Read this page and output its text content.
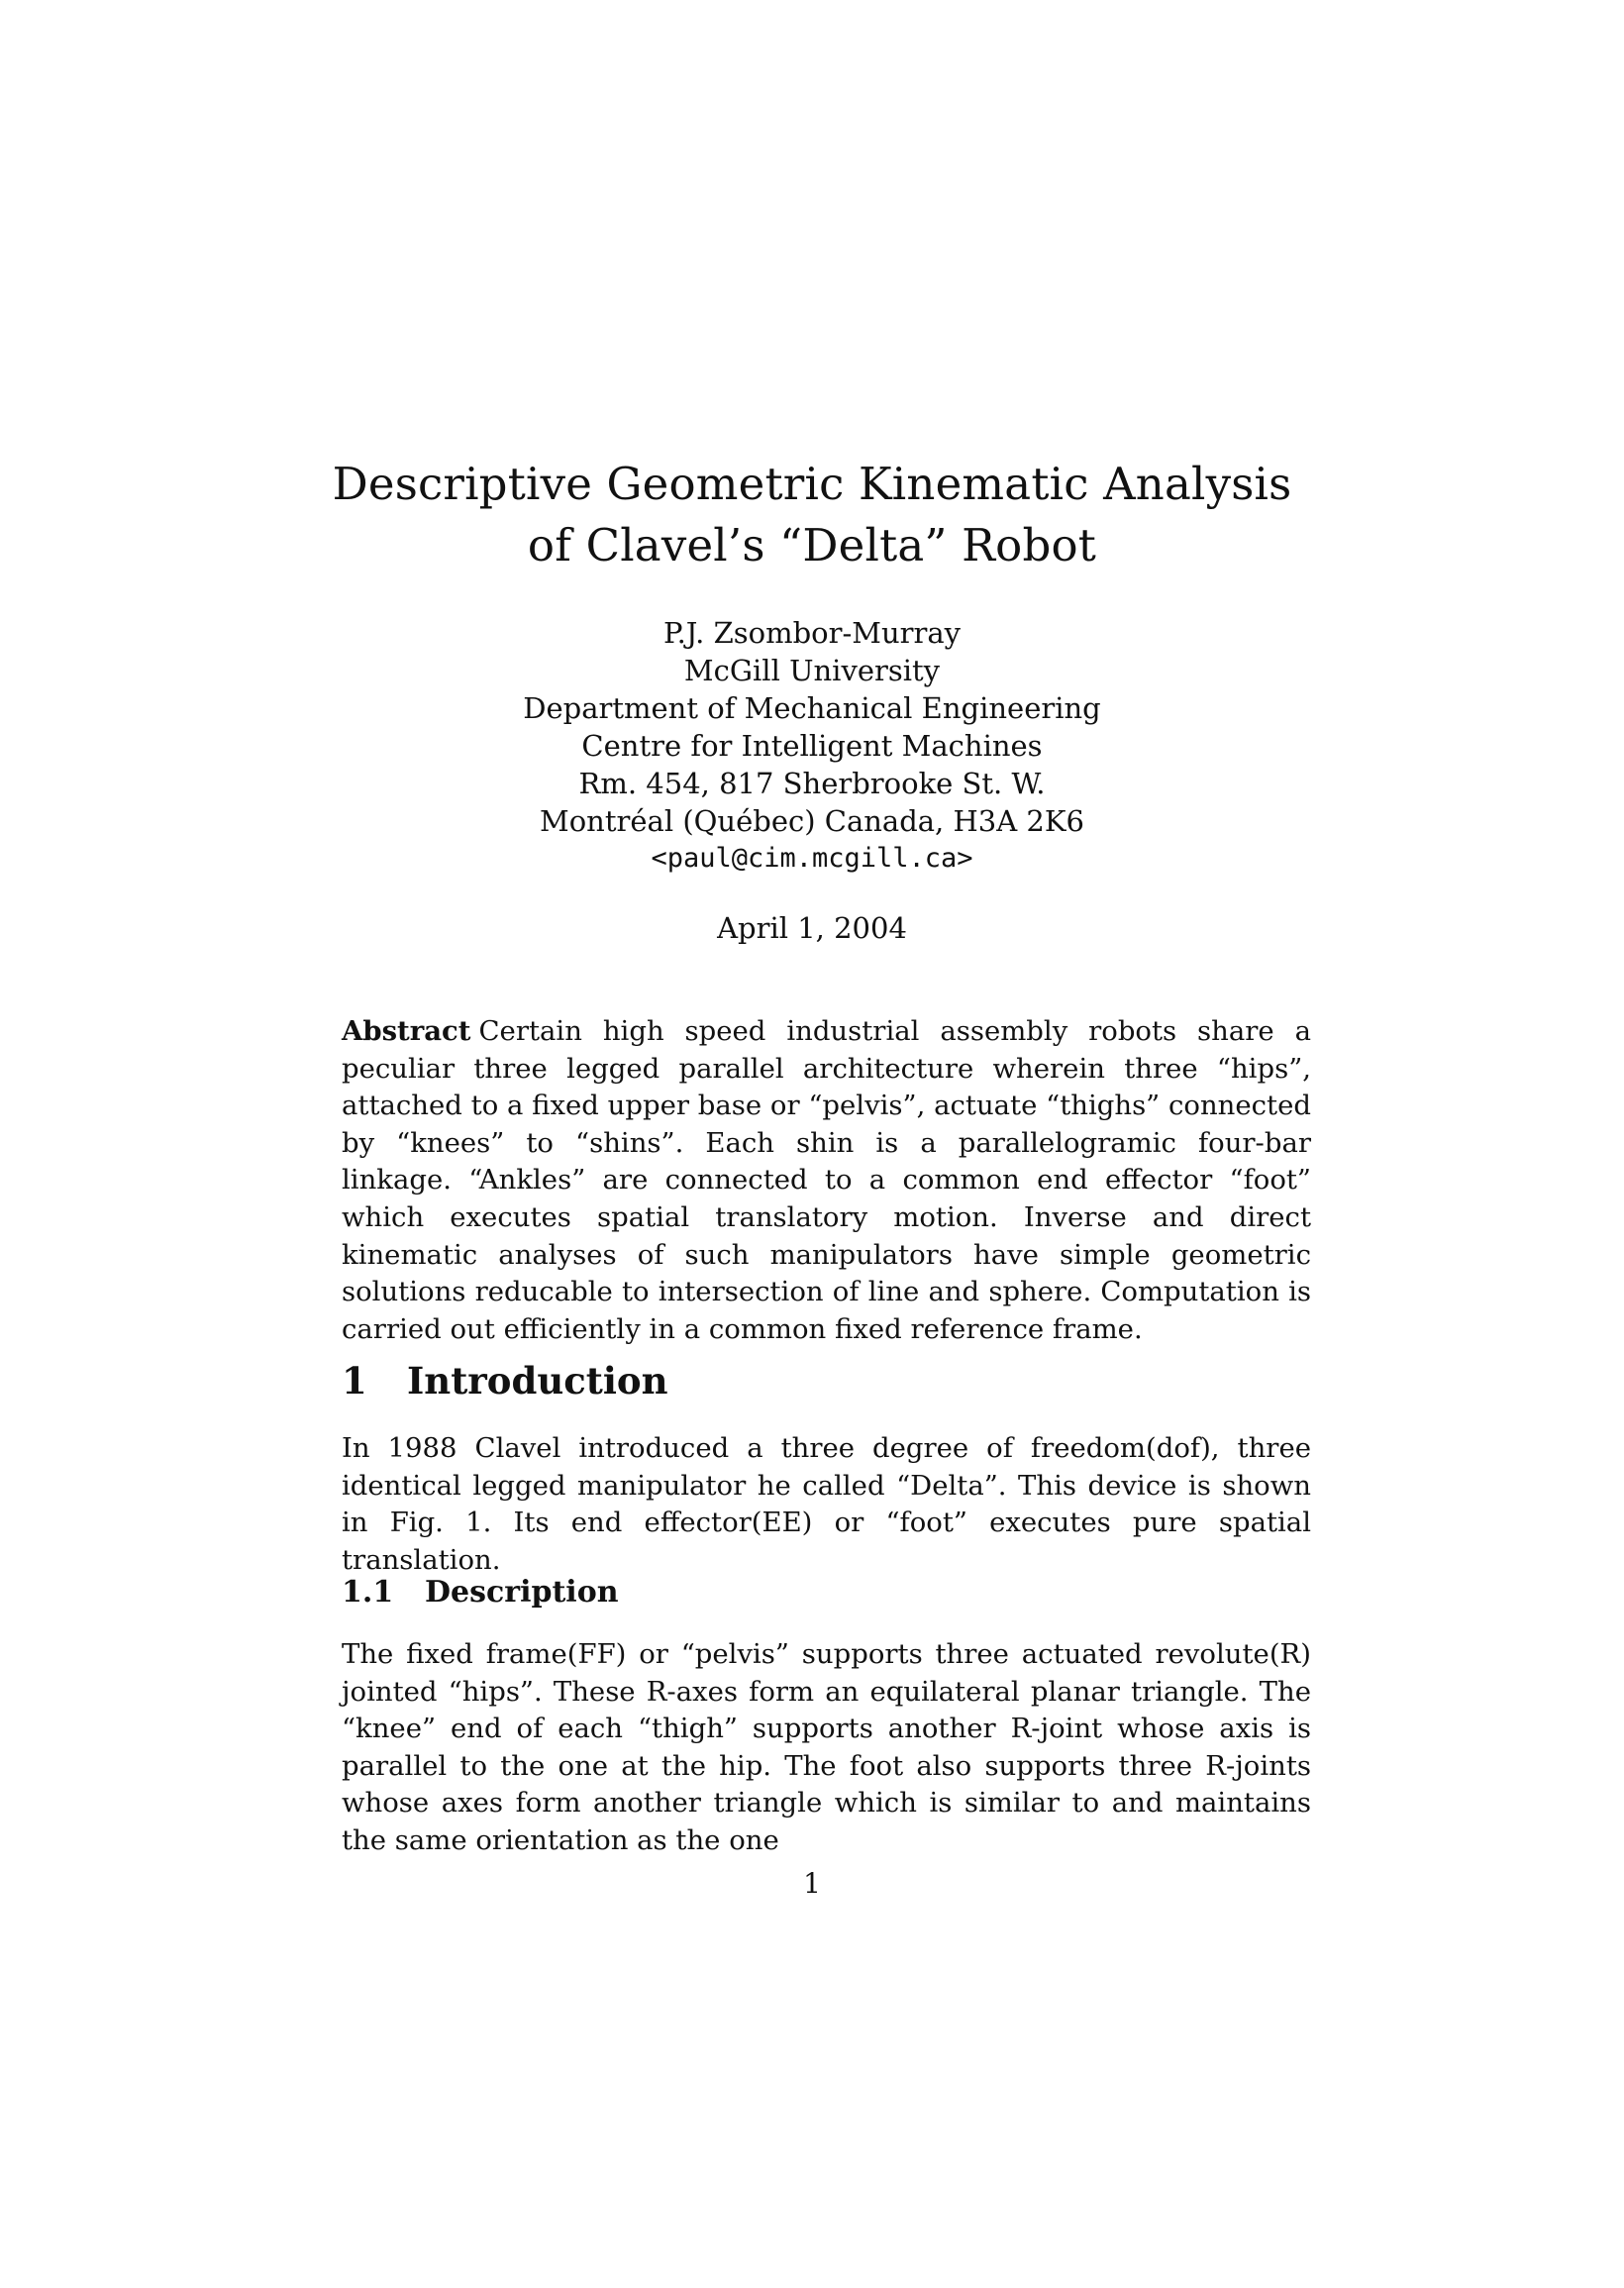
Descriptive Geometric Kinematic Analysis
of Clavel’s “Delta” Robot
P.J. Zsombor-Murray
McGill University
Department of Mechanical Engineering
Centre for Intelligent Machines
Rm. 454, 817 Sherbrooke St. W.
Montréal (Québec) Canada, H3A 2K6
<paul@cim.mcgill.ca>
April 1, 2004
Abstract Certain high speed industrial assembly robots share a peculiar three legged parallel architecture wherein three “hips”, attached to a fixed upper base or “pelvis”, actuate “thighs” connected by “knees” to “shins”. Each shin is a parallelogramic four-bar linkage. “Ankles” are connected to a common end effector “foot” which executes spatial translatory motion. Inverse and direct kinematic analyses of such manipulators have simple geometric solutions reducable to intersection of line and sphere. Computation is carried out efficiently in a common fixed reference frame.
1 Introduction
In 1988 Clavel introduced a three degree of freedom(dof), three identical legged manipulator he called “Delta”. This device is shown in Fig. 1. Its end effector(EE) or “foot” executes pure spatial translation.
1.1 Description
The fixed frame(FF) or “pelvis” supports three actuated revolute(R) jointed “hips”. These R-axes form an equilateral planar triangle. The “knee” end of each “thigh” supports another R-joint whose axis is parallel to the one at the hip. The foot also supports three R-joints whose axes form another triangle which is similar to and maintains the same orientation as the one
1
